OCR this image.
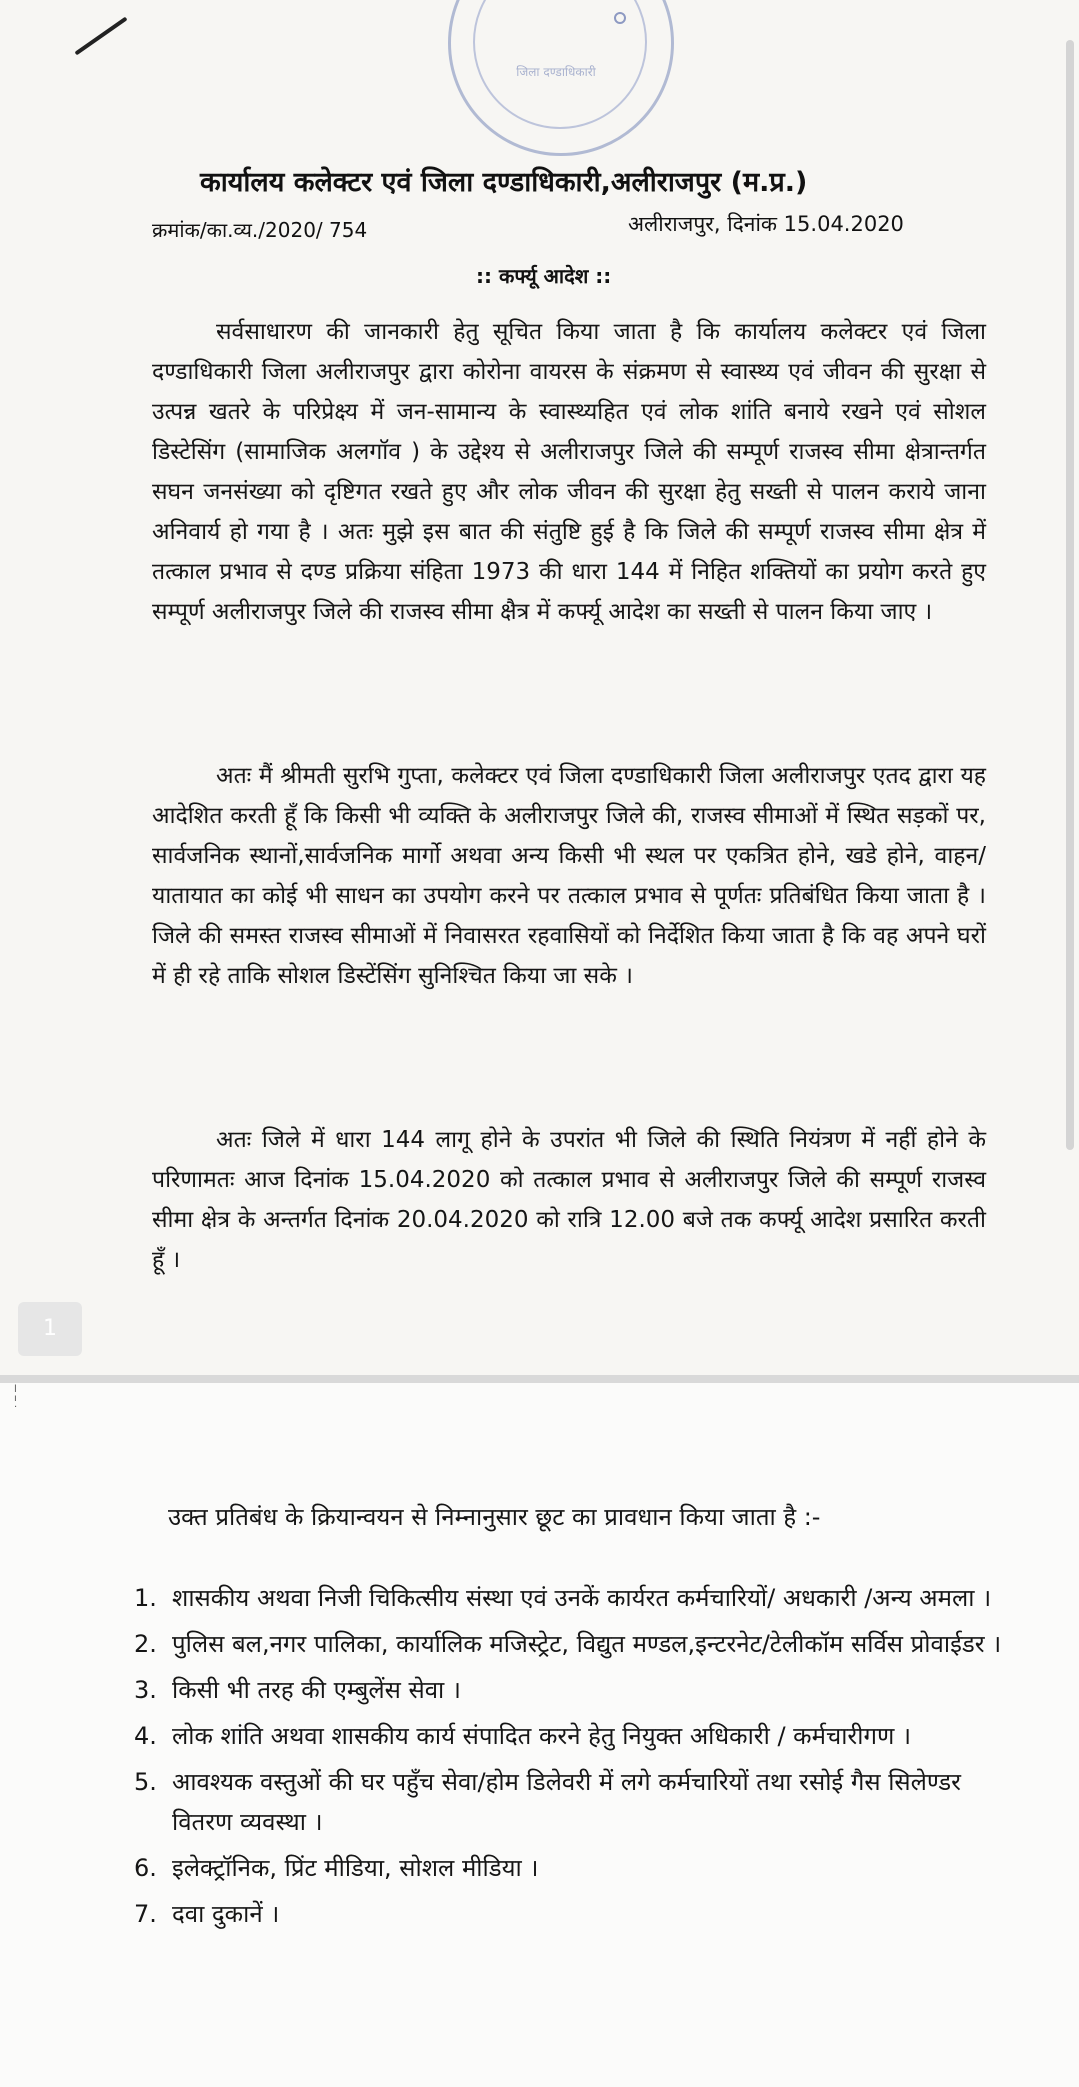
जिला दण्डाधिकारी
कार्यालय कलेक्टर एवं जिला दण्डाधिकारी,अलीराजपुर (म.प्र.)
क्रमांक/का.व्य./2020/ 754	अलीराजपुर, दिनांक 15.04.2020
:: कर्फ्यू आदेश ::
सर्वसाधारण की जानकारी हेतु सूचित किया जाता है कि कार्यालय कलेक्टर एवं जिला दण्डाधिकारी जिला अलीराजपुर द्वारा कोरोना वायरस के संक्रमण से स्वास्थ्य एवं जीवन की सुरक्षा से उत्पन्न खतरे के परिप्रेक्ष्य में जन-सामान्य के स्वास्थ्यहित एवं लोक शांति बनाये रखने एवं सोशल डिस्टेसिंग (सामाजिक अलगॉव ) के उद्देश्य से अलीराजपुर जिले की सम्पूर्ण राजस्व सीमा क्षेत्रान्तर्गत सघन जनसंख्या को दृष्टिगत रखते हुए और लोक जीवन की सुरक्षा हेतु सख्ती से पालन कराये जाना अनिवार्य हो गया है । अतः मुझे इस बात की संतुष्टि हुई है कि जिले की सम्पूर्ण राजस्व सीमा क्षेत्र में तत्काल प्रभाव से दण्ड प्रक्रिया संहिता 1973 की धारा 144 में निहित शक्तियों का प्रयोग करते हुए सम्पूर्ण अलीराजपुर जिले की राजस्व सीमा क्षैत्र में कर्फ्यू आदेश का सख्ती से पालन किया जाए ।
अतः मैं श्रीमती सुरभि गुप्ता, कलेक्टर एवं जिला दण्डाधिकारी जिला अलीराजपुर एतद द्वारा यह आदेशित करती हूँ कि किसी भी व्यक्ति के अलीराजपुर जिले की, राजस्व सीमाओं में स्थित सड़कों पर, सार्वजनिक स्थानों,सार्वजनिक मार्गो अथवा अन्य किसी भी स्थल पर एकत्रित होने, खडे होने, वाहन/यातायात का कोई भी साधन का उपयोग करने पर तत्काल प्रभाव से पूर्णतः प्रतिबंधित किया जाता है । जिले की समस्त राजस्व सीमाओं में निवासरत रहवासियों को निर्देशित किया जाता है कि वह अपने घरों में ही रहे ताकि सोशल डिस्टेंसिंग सुनिश्चित किया जा सके ।
अतः जिले में धारा 144 लागू होने के उपरांत भी जिले की स्थिति नियंत्रण में नहीं होने के परिणामतः आज दिनांक 15.04.2020 को तत्काल प्रभाव से अलीराजपुर जिले की सम्पूर्ण राजस्व सीमा क्षेत्र के अन्तर्गत दिनांक 20.04.2020 को रात्रि 12.00 बजे तक कर्फ्यू आदेश प्रसारित करती हूँ ।
1
ا
ı
·
उक्त प्रतिबंध के क्रियान्वयन से निम्नानुसार छूट का प्रावधान किया जाता है :-
1. शासकीय अथवा निजी चिकित्सीय संस्था एवं उनकें कार्यरत कर्मचारियों/ अधकारी /अन्य अमला ।
2. पुलिस बल,नगर पालिका, कार्यालिक मजिस्ट्रेट, विद्युत मण्डल,इन्टरनेट/टेलीकॉम सर्विस प्रोवाईडर ।
3. किसी भी तरह की एम्बुलेंस सेवा ।
4. लोक शांति अथवा शासकीय कार्य संपादित करने हेतु नियुक्त अधिकारी / कर्मचारीगण ।
5. आवश्यक वस्तुओं की घर पहुँच सेवा/होम डिलेवरी में लगे कर्मचारियों तथा रसोई गैस सिलेण्डर वितरण व्यवस्था ।
6. इलेक्ट्रॉनिक, प्रिंट मीडिया, सोशल मीडिया ।
7. दवा दुकानें ।
